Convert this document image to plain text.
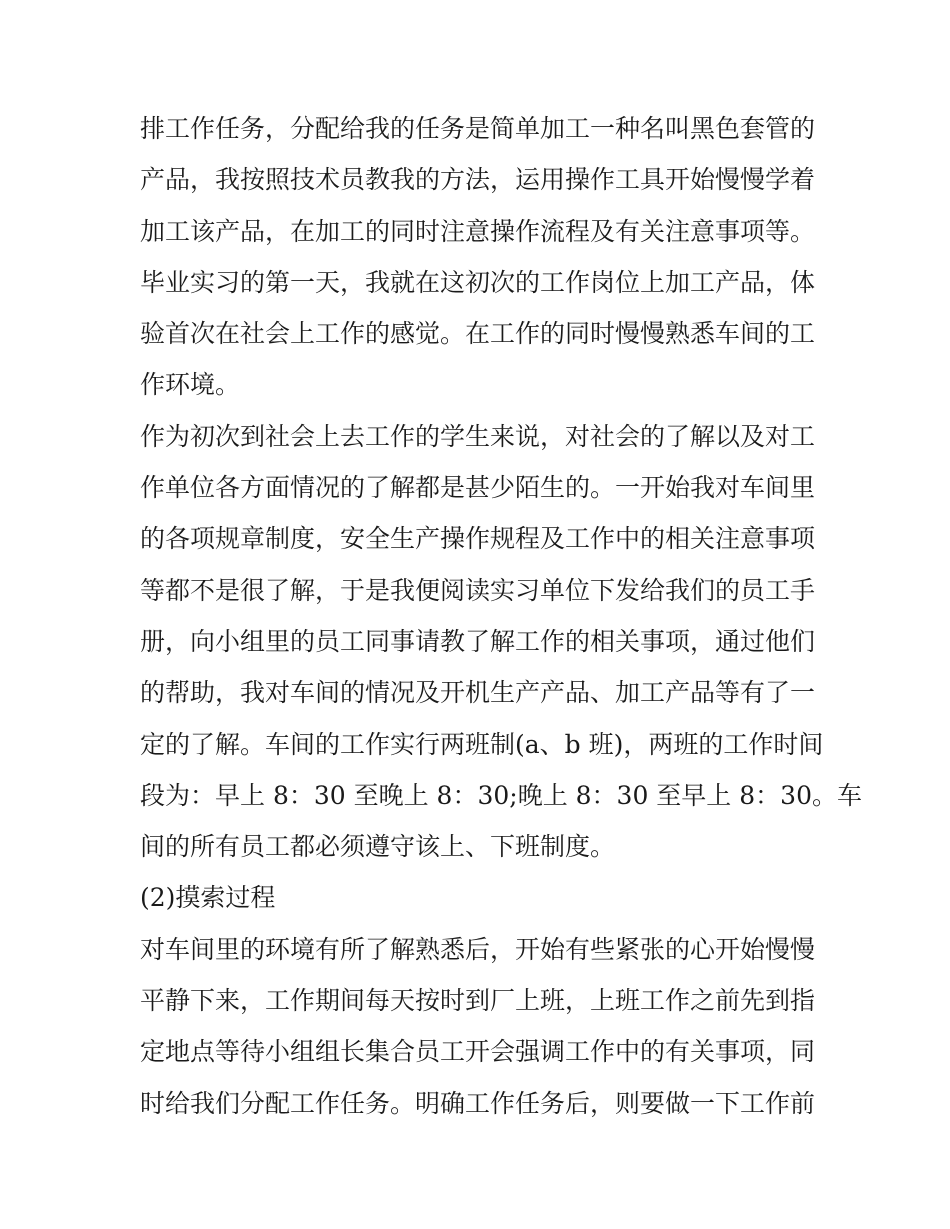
排工作任务，分配给我的任务是简单加工一种名叫黑色套管的
产品，我按照技术员教我的方法，运用操作工具开始慢慢学着
加工该产品，在加工的同时注意操作流程及有关注意事项等。
毕业实习的第一天，我就在这初次的工作岗位上加工产品，体
验首次在社会上工作的感觉。在工作的同时慢慢熟悉车间的工
作环境。
作为初次到社会上去工作的学生来说，对社会的了解以及对工
作单位各方面情况的了解都是甚少陌生的。一开始我对车间里
的各项规章制度，安全生产操作规程及工作中的相关注意事项
等都不是很了解，于是我便阅读实习单位下发给我们的员工手
册，向小组里的员工同事请教了解工作的相关事项，通过他们
的帮助，我对车间的情况及开机生产产品、加工产品等有了一
定的了解。车间的工作实行两班制(a、b 班)，两班的工作时间
段为：早上 8：30 至晚上 8：30;晚上 8：30 至早上 8：30。车
间的所有员工都必须遵守该上、下班制度。
(2)摸索过程
对车间里的环境有所了解熟悉后，开始有些紧张的心开始慢慢
平静下来，工作期间每天按时到厂上班，上班工作之前先到指
定地点等待小组组长集合员工开会强调工作中的有关事项，同
时给我们分配工作任务。明确工作任务后，则要做一下工作前
